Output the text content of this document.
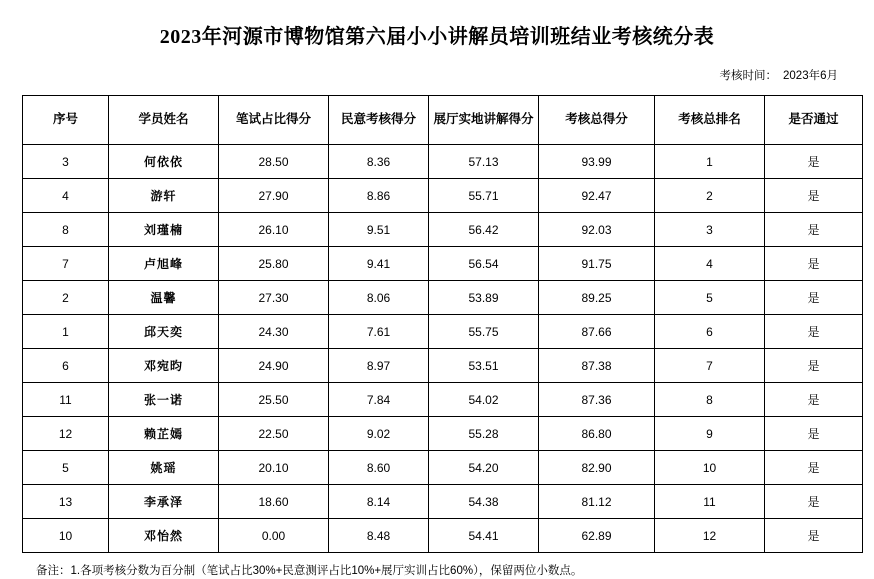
2023年河源市博物馆第六届小小讲解员培训班结业考核统分表
考核时间： 2023年6月
序号	学员姓名	笔试占比得分	民意考核得分	展厅实地讲解得分	考核总得分	考核总排名	是否通过
3	何依依	28.50	8.36	57.13	93.99	1	是
4	游轩	27.90	8.86	55.71	92.47	2	是
8	刘瑾楠	26.10	9.51	56.42	92.03	3	是
7	卢旭峰	25.80	9.41	56.54	91.75	4	是
2	温馨	27.30	8.06	53.89	89.25	5	是
1	邱天奕	24.30	7.61	55.75	87.66	6	是
6	邓宛昀	24.90	8.97	53.51	87.38	7	是
11	张一诺	25.50	7.84	54.02	87.36	8	是
12	赖芷嫣	22.50	9.02	55.28	86.80	9	是
5	姚瑶	20.10	8.60	54.20	82.90	10	是
13	李承泽	18.60	8.14	54.38	81.12	11	是
10	邓怡然	0.00	8.48	54.41	62.89	12	是
备注：1.各项考核分数为百分制（笔试占比30%+民意测评占比10%+展厅实训占比60%），保留两位小数点。
